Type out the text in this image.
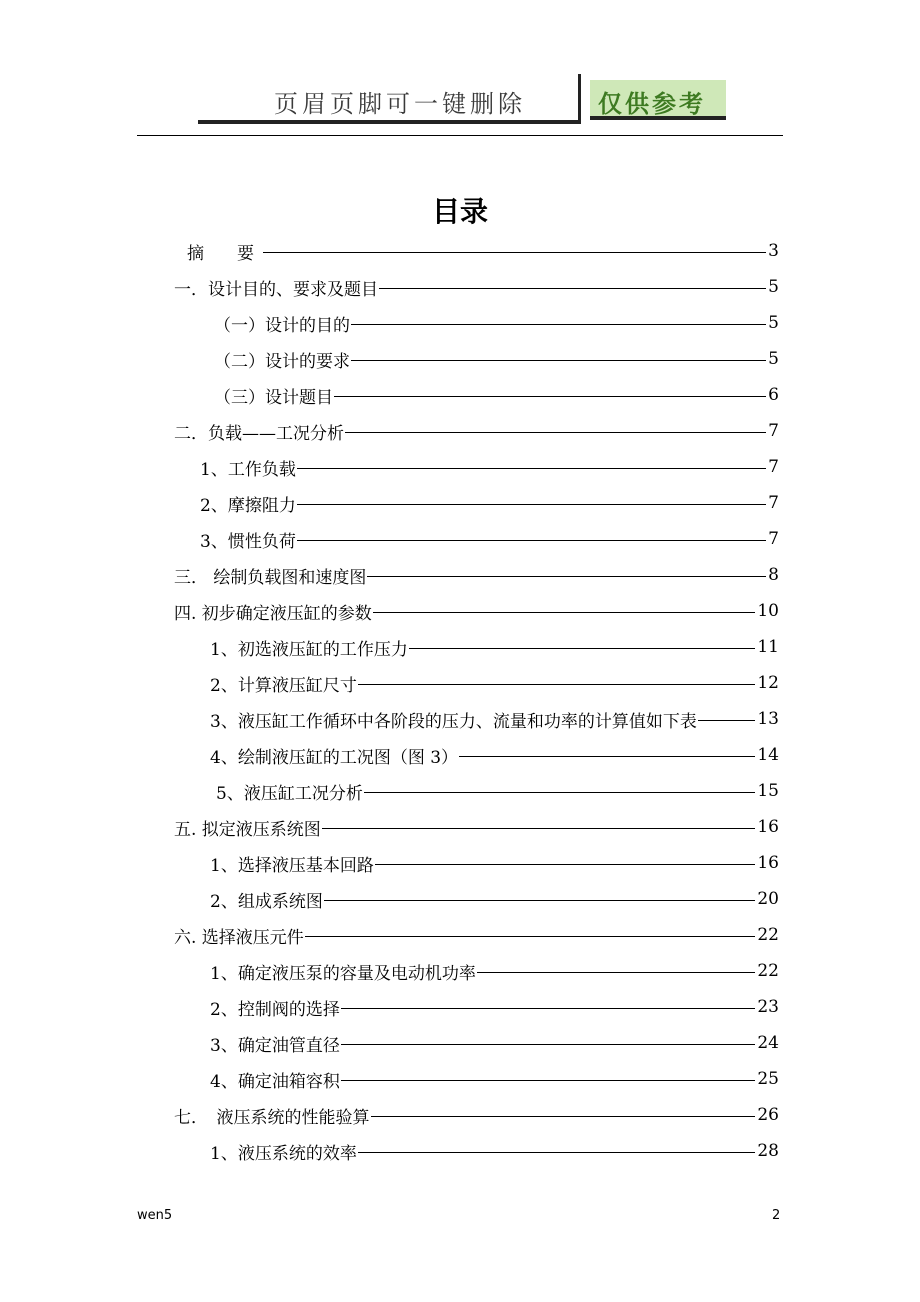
页眉页脚可一键删除	仅供参考
目录
摘　要	3
一．设计目的、要求及题目	5
（一）设计的目的	5
（二）设计的要求	5
（三）设计题目	6
二．负载——工况分析	7
1、工作负载	7
2、摩擦阻力	7
3、惯性负荷	7
三． 绘制负载图和速度图	8
四. 初步确定液压缸的参数	10
1、初选液压缸的工作压力	11
2、计算液压缸尺寸	12
3、液压缸工作循环中各阶段的压力、流量和功率的计算值如下表	13
4、绘制液压缸的工况图（图 3）	14
5、液压缸工况分析	15
五. 拟定液压系统图	16
1、选择液压基本回路	16
2、组成系统图	20
六. 选择液压元件	22
1、确定液压泵的容量及电动机功率	22
2、控制阀的选择	23
3、确定油管直径	24
4、确定油箱容积	25
七．　液压系统的性能验算	26
1、液压系统的效率	28
wen5	2
